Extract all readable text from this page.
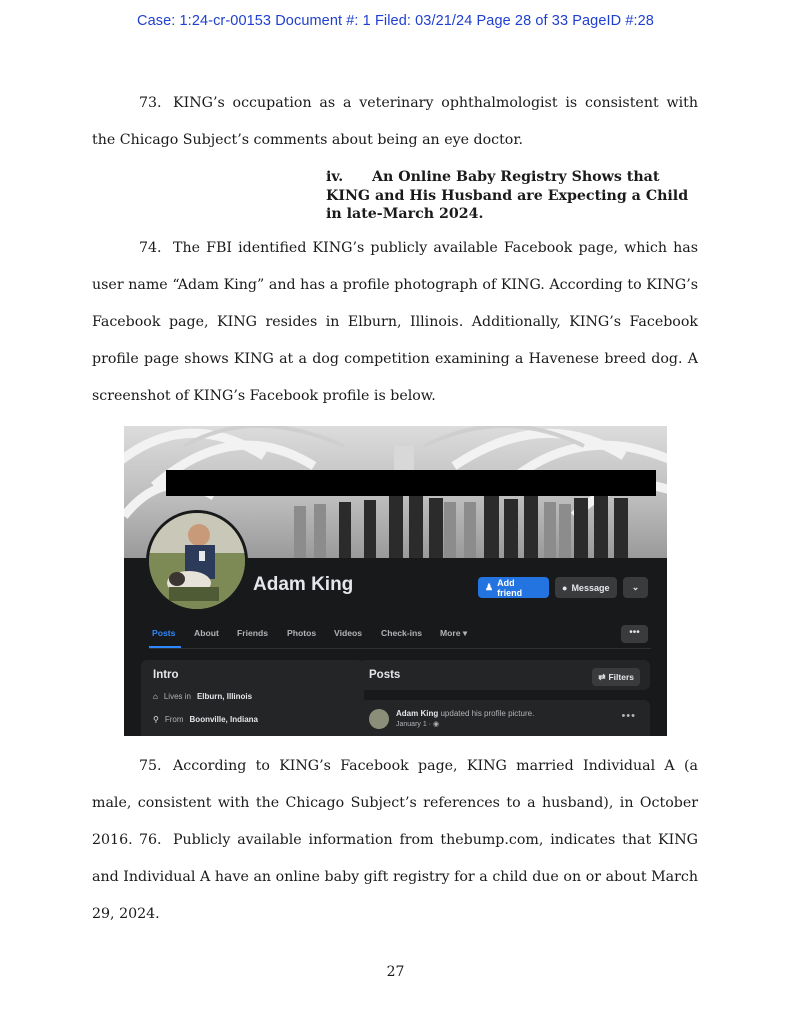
Case: 1:24-cr-00153 Document #: 1 Filed: 03/21/24 Page 28 of 33 PageID #:28

73. KING’s occupation as a veterinary ophthalmologist is consistent with the Chicago Subject’s comments about being an eye doctor.

iv. An Online Baby Registry Shows that
KING and His Husband are Expecting a Child
in late-March 2024.

74. The FBI identified KING’s publicly available Facebook page, which has user name “Adam King” and has a profile photograph of KING. According to KING’s Facebook page, KING resides in Elburn, Illinois. Additionally, KING’s Facebook profile page shows KING at a dog competition examining a Havenese breed dog. A screenshot of KING’s Facebook profile is below.

Adam King	♟ Add friend	● Message ⌄
Posts About Friends Photos Videos Check-ins More ▾	•••
Intro
⌂ Lives in Elburn, Illinois
⚲ From Boonville, Indiana
Posts	⇄ Filters
Adam King updated his profile picture.
January 1 · ◉
•••

75. According to KING’s Facebook page, KING married Individual A (a male, consistent with the Chicago Subject’s references to a husband), in October 2016. 76. Publicly available information from thebump.com, indicates that KING and Individual A have an online baby gift registry for a child due on or about March 29, 2024.

27
